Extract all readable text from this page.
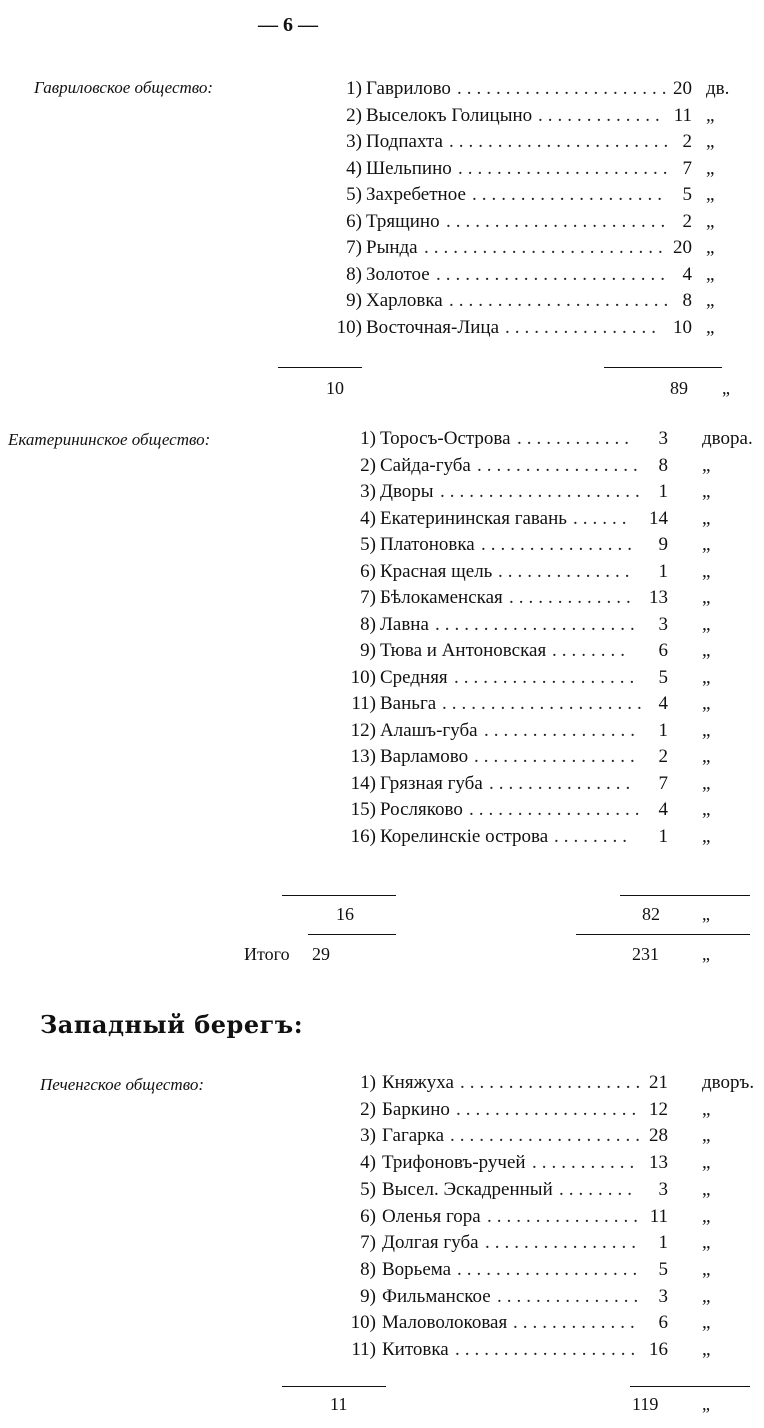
— 6 —
Гавриловское общество:	1) Гаврилово	20 дв.
......................
2) Выселокъ Голицыно	11 „
.............
3) Подпахта	2 „
.......................
4) Шельпино	7 „
......................
5) Захребетное	5 „
....................
6) Трящино	2 „
.......................
7) Рында	20 „
.........................
8) Золотое	4 „
........................
9) Харловка	8 „
.......................
10) Восточная-Лица	10 „
................
10	89 „
Екатерининское общество:	1) Торосъ-Острова	3 двора.
............
2) Сайда-губа	8 „
.................
3) Дворы	1 „
.....................
4) Екатерининская гавань	14 „
......
5) Платоновка	9 „
................
6) Красная щель	1 „
..............
7) Бѣлокаменская	13 „
.............
8) Лавна	3 „
.....................
9) Тюва и Антоновская	6 „
........
10) Средняя	5 „
...................
11) Ваньга	4 „
.....................
12) Алашъ-губа	1 „
................
13) Варламово	2 „
.................
14) Грязная губа	7 „
...............
15) Росляково	4 „
..................
16) Корелинскіе острова	1 „
........
16	82 „
Итого 29	231 „
Западный берегъ:
Печенгское общество:	1) Княжуха	21 дворъ.
...................
2) Баркино	12 „
...................
3) Гагарка	28 „
....................
4) Трифоновъ-ручей	13 „
...........
5) Высел. Эскадренный	3 „
........
6) Оленья гора	11 „
................
7) Долгая губа	1 „
................
8) Ворьема	5 „
...................
9) Фильманское	3 „
...............
10) Маловолоковая	6 „
.............
11) Китовка	16 „
...................
11	119 „
